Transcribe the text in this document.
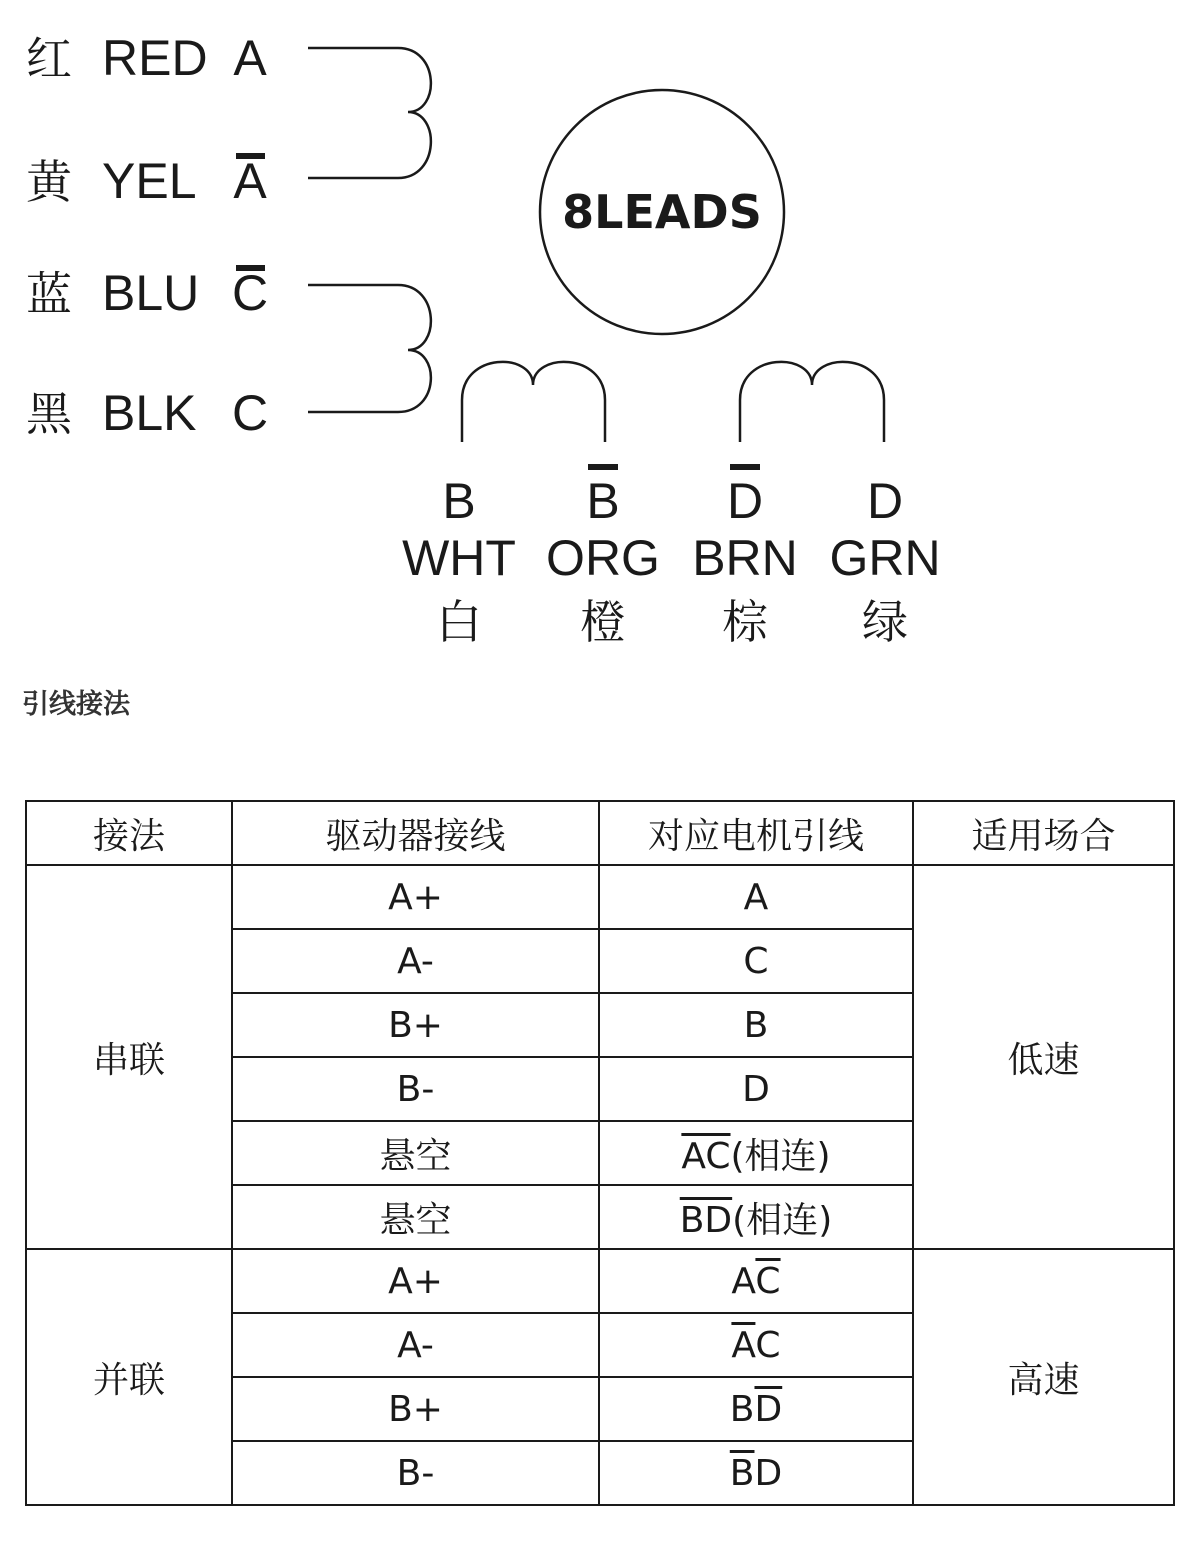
红 RED A
黄 YEL A
蓝 BLU C
黑 BLK C
8LEADS
B
WHT
白
B
ORG
橙
D
BRN
棕
D
GRN
绿
引线接法
接法	驱动器接线	对应电机引线	适用场合
串联	A+	A	低速
	A-	C	
	B+	B	
	B-	D	
	悬空	$\overline{AC}$(相连)	
	悬空	$\overline{BD}$(相连)	
并联	A+	$A\overline{C}$	高速
	A-	$\overline{A}C$	
	B+	$B\overline{D}$
	B-	$\overline{B}D$	
